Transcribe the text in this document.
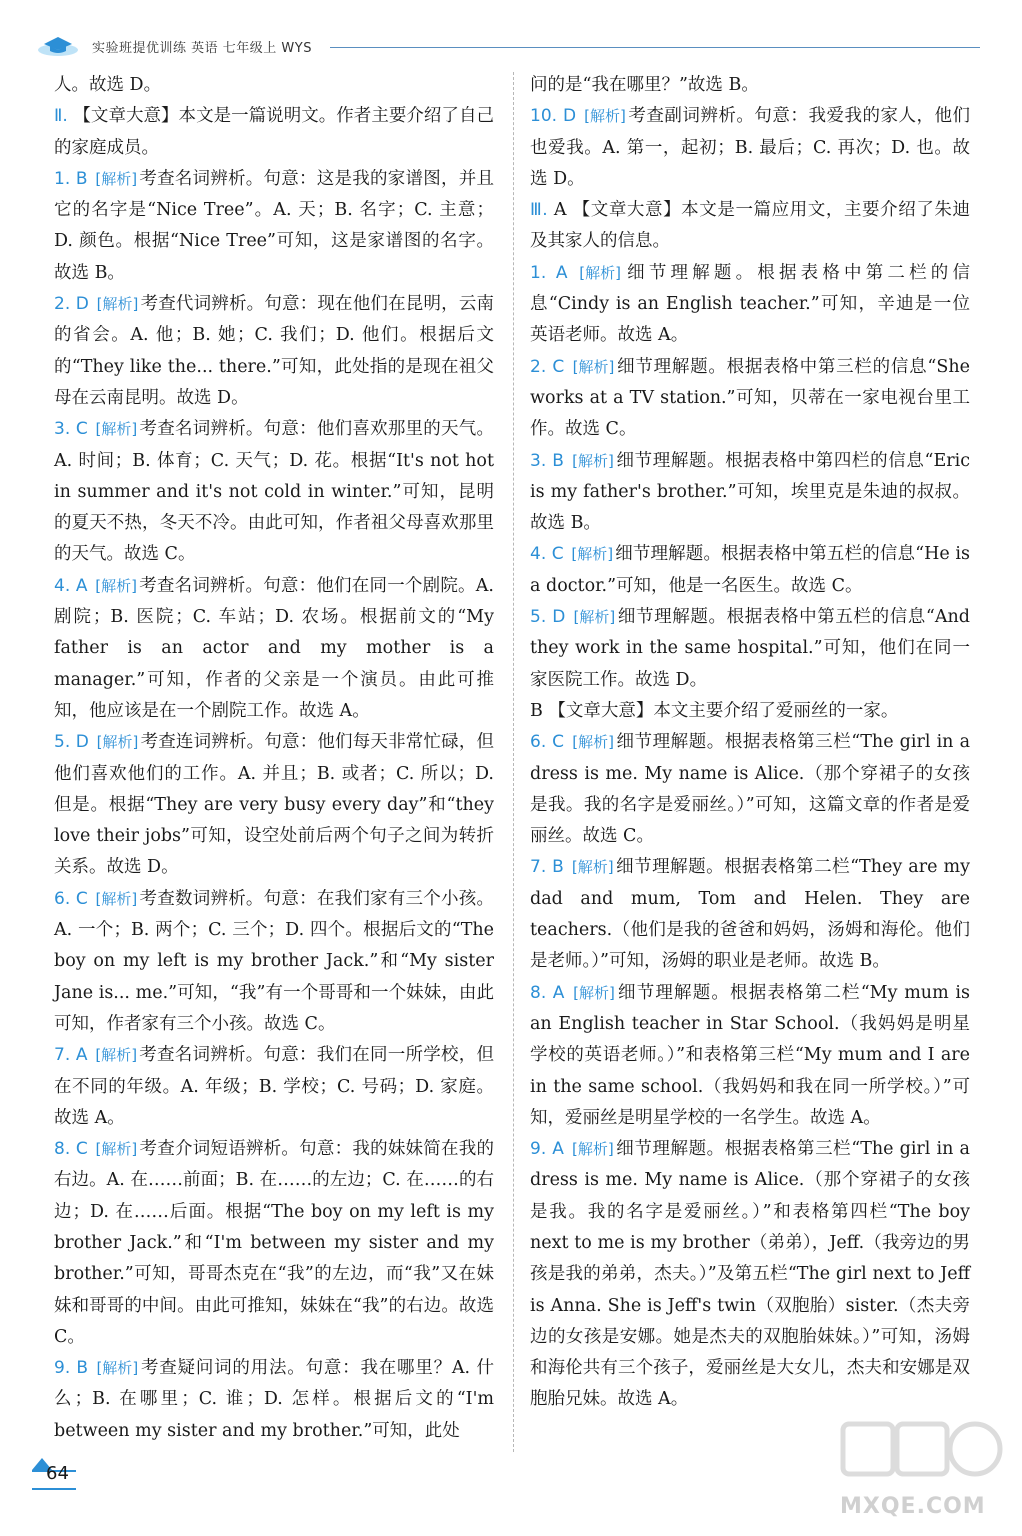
实验班提优训练 英语 七年级上 WYS

人。故选 D。

Ⅱ. 【文章大意】本文是一篇说明文。作者主要介绍了自己的家庭成员。

1. B [ 解析 ] 考查名词辨析。句意：这是我的家谱图，并且它的名字是“Nice Tree”。A. 天；B. 名字；C. 主意；D. 颜色。根据“Nice Tree”可知，这是家谱图的名字。故选 B。

2. D [ 解析 ] 考查代词辨析。句意：现在他们在昆明，云南的省会。A. 他；B. 她；C. 我们；D. 他们。根据后文的“They like the... there.”可知，此处指的是现在祖父母在云南昆明。故选 D。

3. C [ 解析 ] 考查名词辨析。句意：他们喜欢那里的天气。A. 时间；B. 体育；C. 天气；D. 花。根据“It's not hot in summer and it's not cold in winter.”可知，昆明的夏天不热，冬天不冷。由此可知，作者祖父母喜欢那里的天气。故选 C。

4. A [ 解析 ] 考查名词辨析。句意：他们在同一个剧院。A. 剧院；B. 医院；C. 车站；D. 农场。根据前文的“My father is an actor and my mother is a manager.”可知，作者的父亲是一个演员。由此可推知，他应该是在一个剧院工作。故选 A。

5. D [ 解析 ] 考查连词辨析。句意：他们每天非常忙碌，但他们喜欢他们的工作。A. 并且；B. 或者；C. 所以；D. 但是。根据“They are very busy every day”和“they love their jobs”可知，设空处前后两个句子之间为转折关系。故选 D。

6. C [ 解析 ] 考查数词辨析。句意：在我们家有三个小孩。A. 一个；B. 两个；C. 三个；D. 四个。根据后文的“The boy on my left is my brother Jack.”和“My sister Jane is... me.”可知，“我”有一个哥哥和一个妹妹，由此可知，作者家有三个小孩。故选 C。

7. A [ 解析 ] 考查名词辨析。句意：我们在同一所学校，但在不同的年级。A. 年级；B. 学校；C. 号码；D. 家庭。故选 A。

8. C [ 解析 ] 考查介词短语辨析。句意：我的妹妹简在我的右边。A. 在……前面；B. 在……的左边；C. 在……的右边；D. 在……后面。根据“The boy on my left is my brother Jack.”和“I'm between my sister and my brother.”可知，哥哥杰克在“我”的左边，而“我”又在妹妹和哥哥的中间。由此可推知，妹妹在“我”的右边。故选 C。

9. B [ 解析 ] 考查疑问词的用法。句意：我在哪里？A. 什么；B. 在哪里；C. 谁；D. 怎样。根据后文的“I'm between my sister and my brother.”可知，此处

问的是“我在哪里？”故选 B。

10. D [ 解析 ] 考查副词辨析。句意：我爱我的家人，他们也爱我。A. 第一，起初；B. 最后；C. 再次；D. 也。故选 D。

Ⅲ. A 【文章大意】本文是一篇应用文，主要介绍了朱迪及其家人的信息。

1. A [ 解析 ] 细节理解题。根据表格中第二栏的信息“Cindy is an English teacher.”可知，辛迪是一位英语老师。故选 A。

2. C [ 解析 ] 细节理解题。根据表格中第三栏的信息“She works at a TV station.”可知，贝蒂在一家电视台里工作。故选 C。

3. B [ 解析 ] 细节理解题。根据表格中第四栏的信息“Eric is my father's brother.”可知，埃里克是朱迪的叔叔。故选 B。

4. C [ 解析 ] 细节理解题。根据表格中第五栏的信息“He is a doctor.”可知，他是一名医生。故选 C。

5. D [ 解析 ] 细节理解题。根据表格中第五栏的信息“And they work in the same hospital.”可知，他们在同一家医院工作。故选 D。

B 【文章大意】本文主要介绍了爱丽丝的一家。

6. C [ 解析 ] 细节理解题。根据表格第三栏“The girl in a dress is me. My name is Alice.（那个穿裙子的女孩是我。我的名字是爱丽丝。）”可知，这篇文章的作者是爱丽丝。故选 C。

7. B [ 解析 ] 细节理解题。根据表格第二栏“They are my dad and mum, Tom and Helen. They are teachers.（他们是我的爸爸和妈妈，汤姆和海伦。他们是老师。）”可知，汤姆的职业是老师。故选 B。

8. A [ 解析 ] 细节理解题。根据表格第二栏“My mum is an English teacher in Star School.（我妈妈是明星学校的英语老师。）”和表格第三栏“My mum and I are in the same school.（我妈妈和我在同一所学校。）”可知，爱丽丝是明星学校的一名学生。故选 A。

9. A [ 解析 ] 细节理解题。根据表格第三栏“The girl in a dress is me. My name is Alice.（那个穿裙子的女孩是我。我的名字是爱丽丝。）”和表格第四栏“The boy next to me is my brother（弟弟），Jeff.（我旁边的男孩是我的弟弟，杰夫。）”及第五栏“The girl next to Jeff is Anna. She is Jeff's twin（双胞胎）sister.（杰夫旁边的女孩是安娜。她是杰夫的双胞胎妹妹。）”可知，汤姆和海伦共有三个孩子，爱丽丝是大女儿，杰夫和安娜是双胞胎兄妹。故选 A。

64
MXQE.COM
